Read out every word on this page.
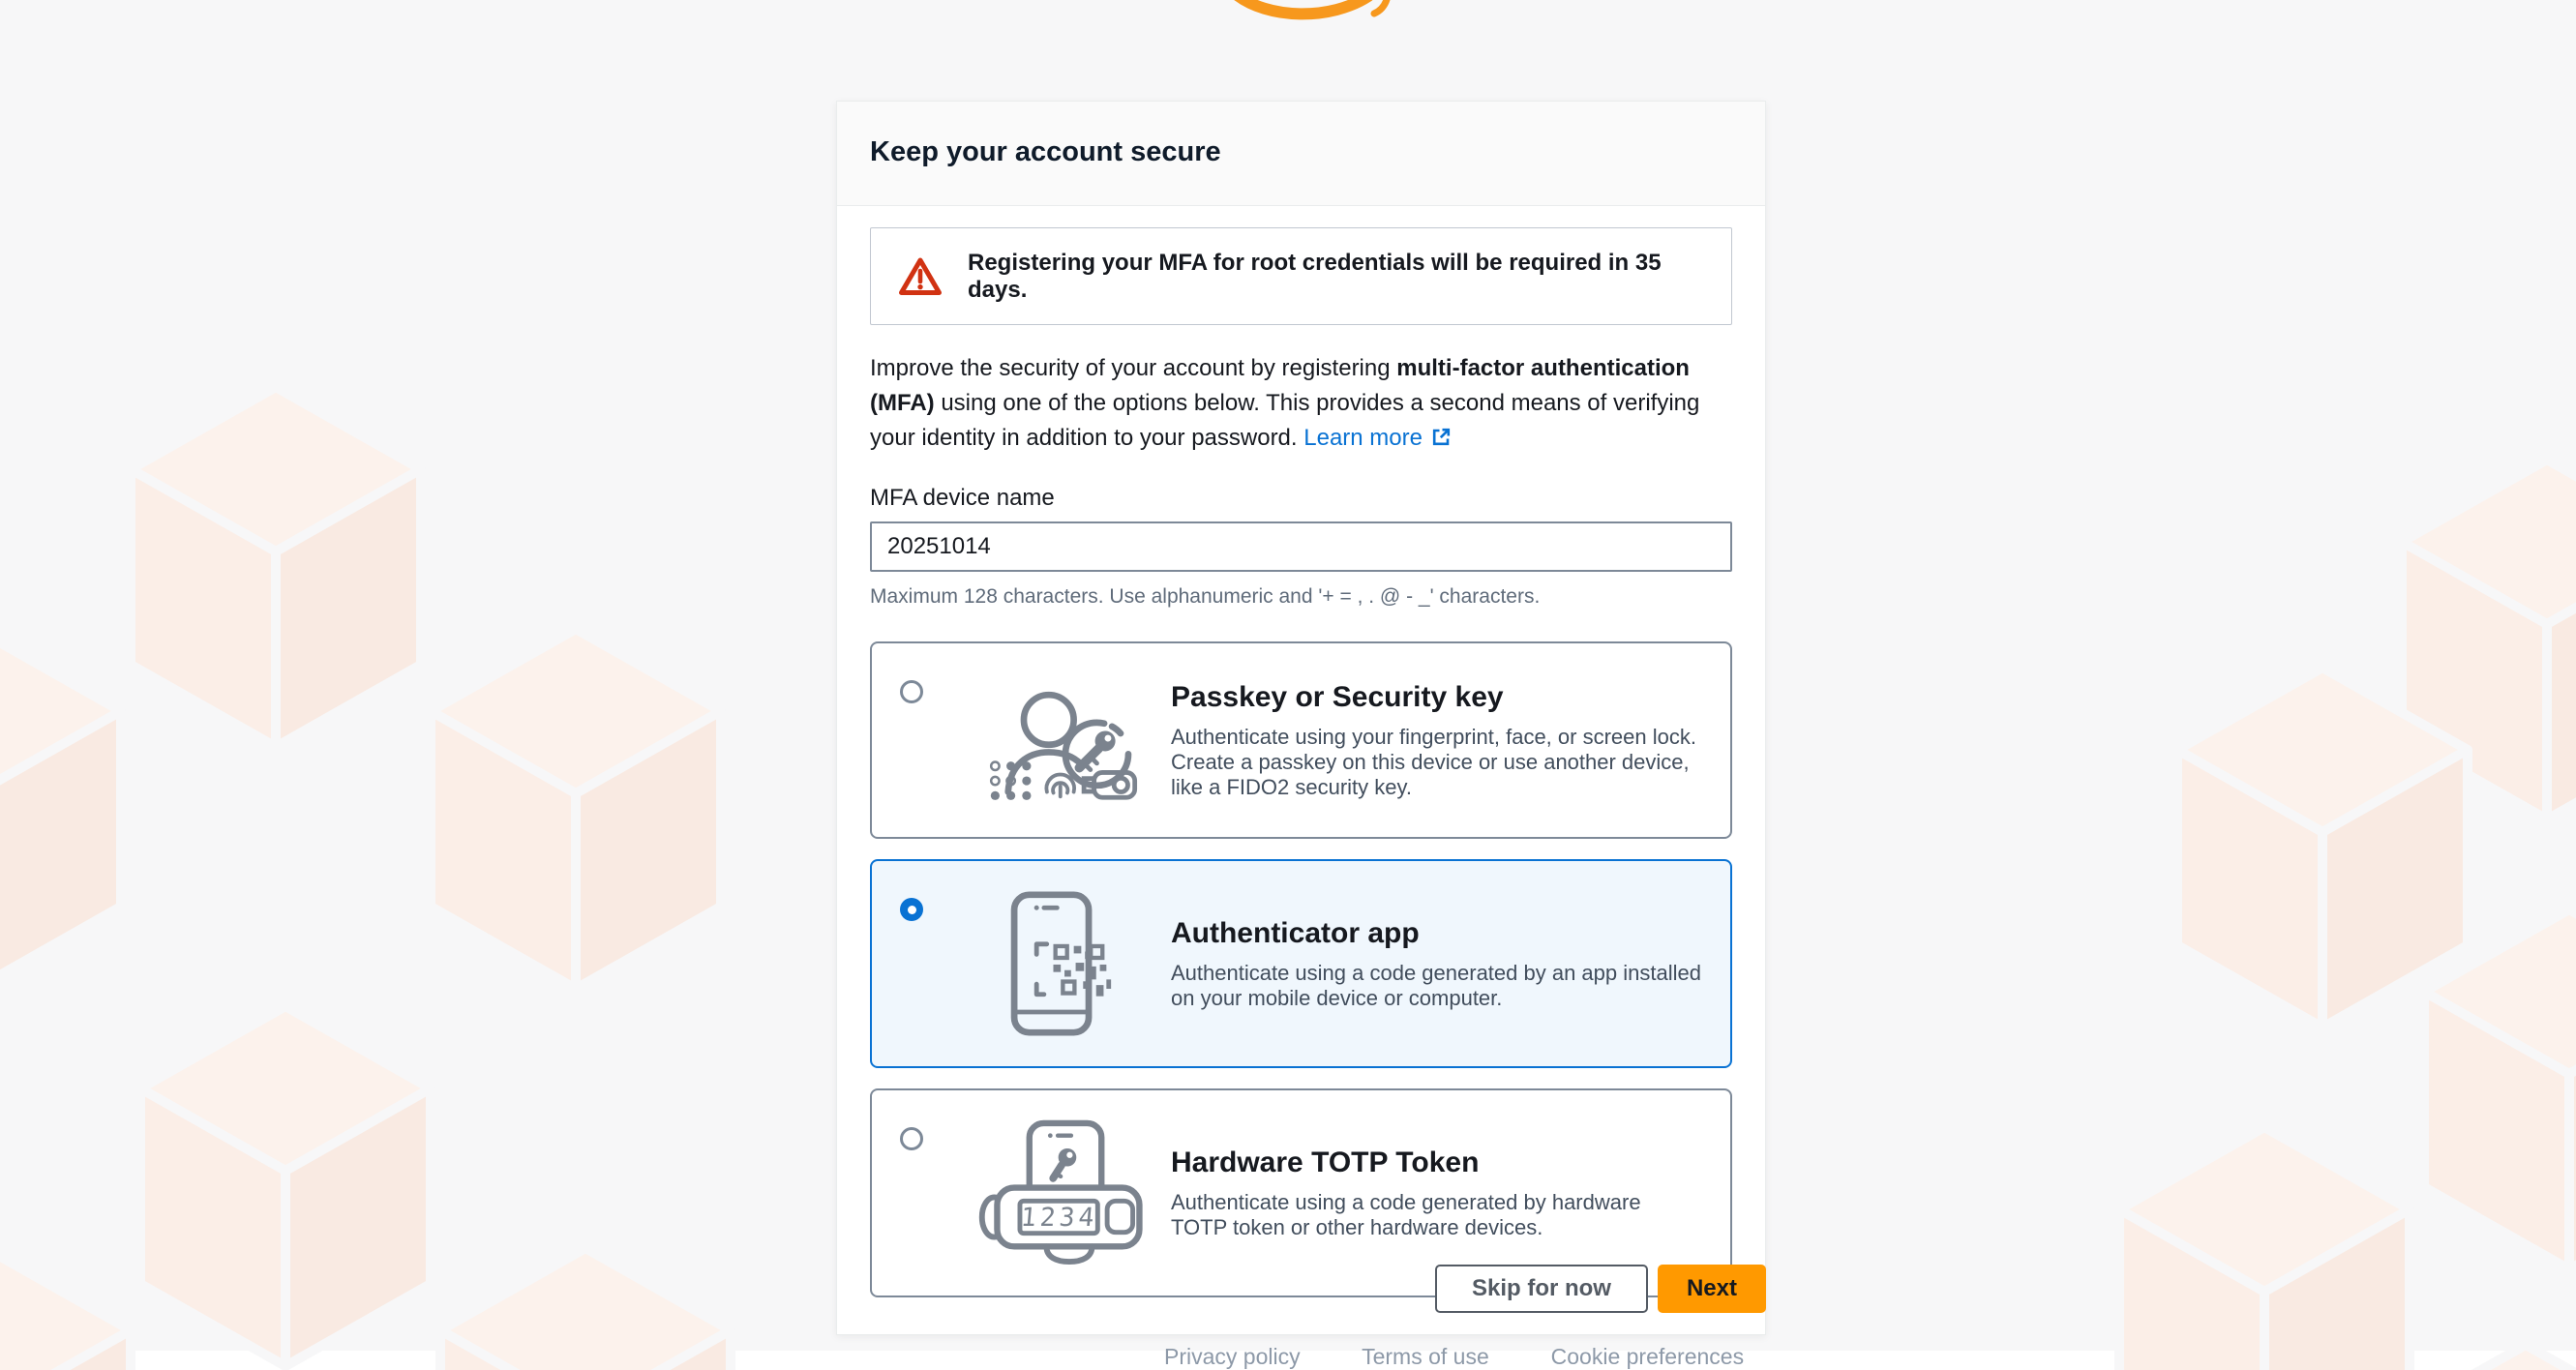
Keep your account secure
Registering your MFA for root credentials will be required in 35 days.

Improve the security of your account by registering multi-factor authentication (MFA) using one of the options below. This provides a second means of verifying your identity in addition to your password. Learn more

MFA device name
20251014
Maximum 128 characters. Use alphanumeric and '+ = , . @ - _' characters.
Passkey or Security key
Authenticate using your fingerprint, face, or screen lock. Create a passkey on this device or use another device, like a FIDO2 security key.
Authenticator app
Authenticate using a code generated by an app installed on your mobile device or computer.
1234
Hardware TOTP Token
Authenticate using a code generated by hardware TOTP token or other hardware devices.
Skip for now	Next
Privacy policy          Terms of use          Cookie preferences
